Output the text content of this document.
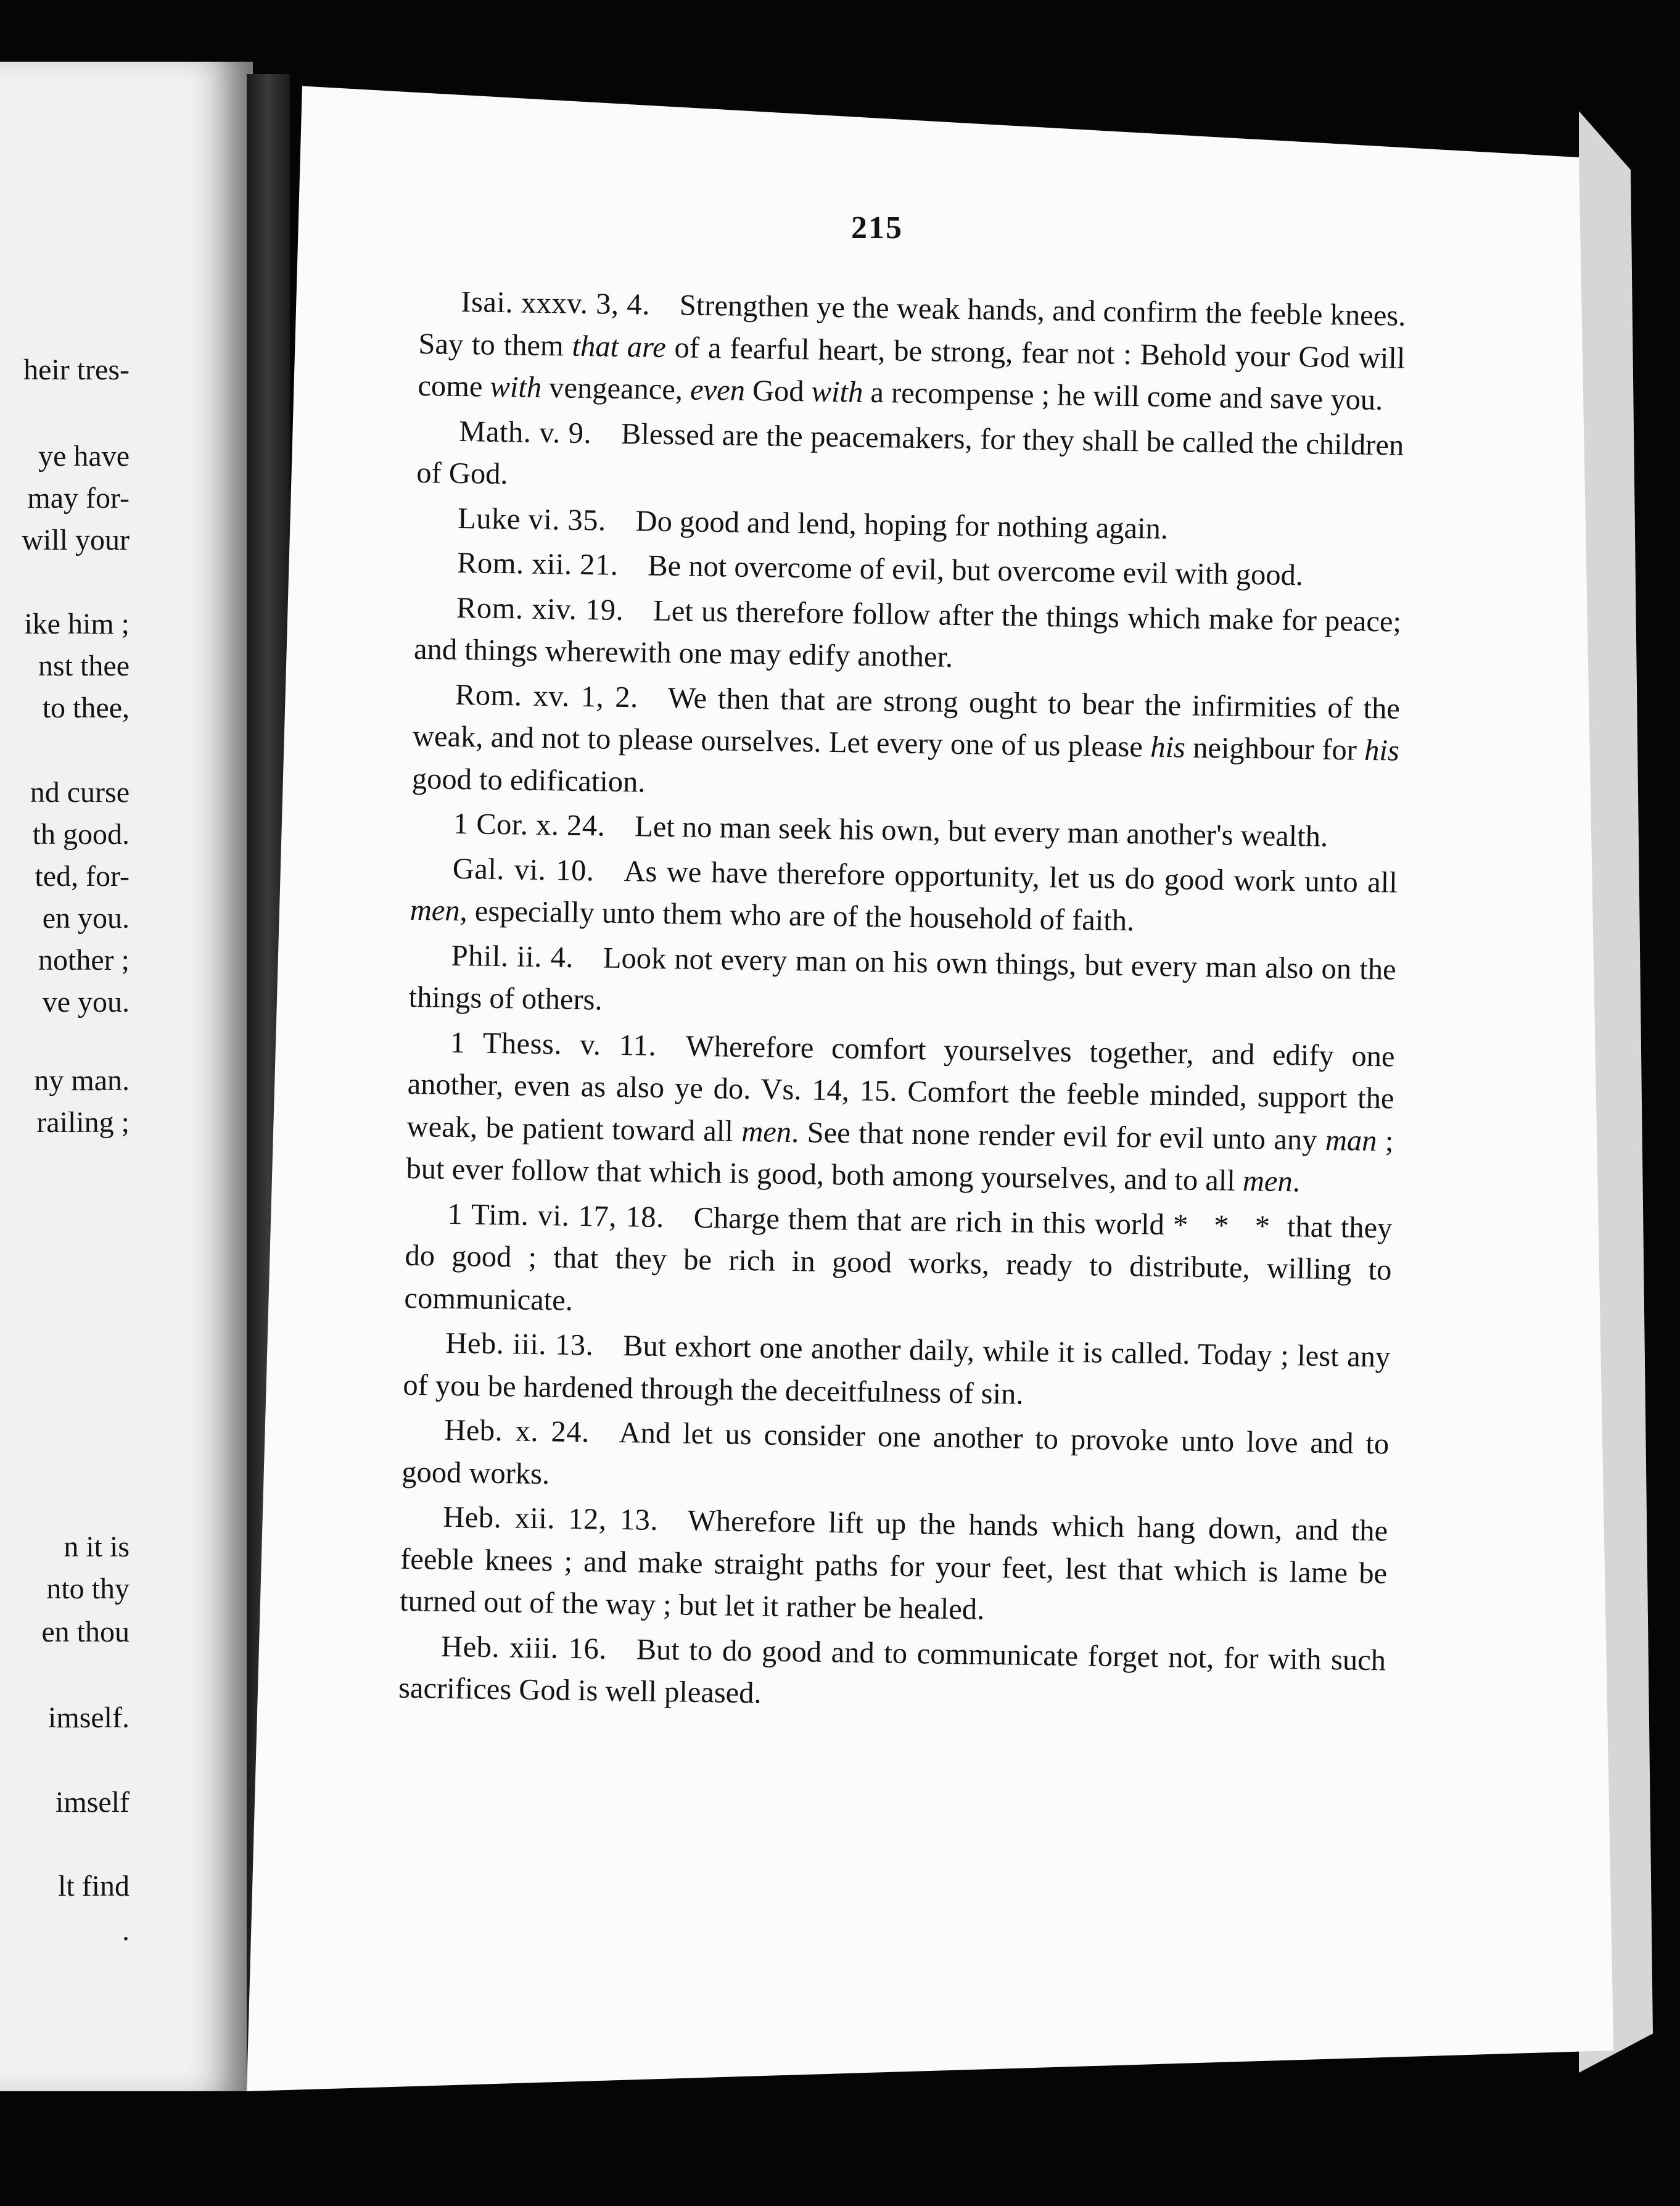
heir tres-
ye have
may for-
will your
ike him ;
nst thee
to thee,
nd curse
th good.
ted, for-
en you.
nother ;
ve you.
ny man.
railing ;
n it is
nto thy
en thou
imself.
imself
lt find
.
215

Isai. xxxv. 3, 4. Strengthen ye the weak hands, and confirm the feeble knees. Say to them that are of a fearful heart, be strong, fear not : Behold your God will come with vengeance, even God with a recompense ; he will come and save you.

Math. v. 9. Blessed are the peacemakers, for they shall be called the children of God.

Luke vi. 35. Do good and lend, hoping for nothing again.

Rom. xii. 21. Be not overcome of evil, but overcome evil with good.

Rom. xiv. 19. Let us therefore follow after the things which make for peace; and things wherewith one may edify another.

Rom. xv. 1, 2. We then that are strong ought to bear the infirmities of the weak, and not to please ourselves. Let every one of us please his neighbour for his good to edification.

1 Cor. x. 24. Let no man seek his own, but every man another's wealth.

Gal. vi. 10. As we have therefore opportunity, let us do good work unto all men, especially unto them who are of the household of faith.

Phil. ii. 4. Look not every man on his own things, but every man also on the things of others.

1 Thess. v. 11. Wherefore comfort yourselves together, and edify one another, even as also ye do. Vs. 14, 15. Comfort the feeble minded, support the weak, be patient toward all men. See that none render evil for evil unto any man ; but ever follow that which is good, both among yourselves, and to all men.

1 Tim. vi. 17, 18. Charge them that are rich in this world * * * that they do good ; that they be rich in good works, ready to distribute, willing to communicate.

Heb. iii. 13. But exhort one another daily, while it is called. Today ; lest any of you be hardened through the deceitfulness of sin.

Heb. x. 24. And let us consider one another to provoke unto love and to good works.

Heb. xii. 12, 13. Wherefore lift up the hands which hang down, and the feeble knees ; and make straight paths for your feet, lest that which is lame be turned out of the way ; but let it rather be healed.

Heb. xiii. 16. But to do good and to communicate forget not, for with such sacrifices God is well pleased.
